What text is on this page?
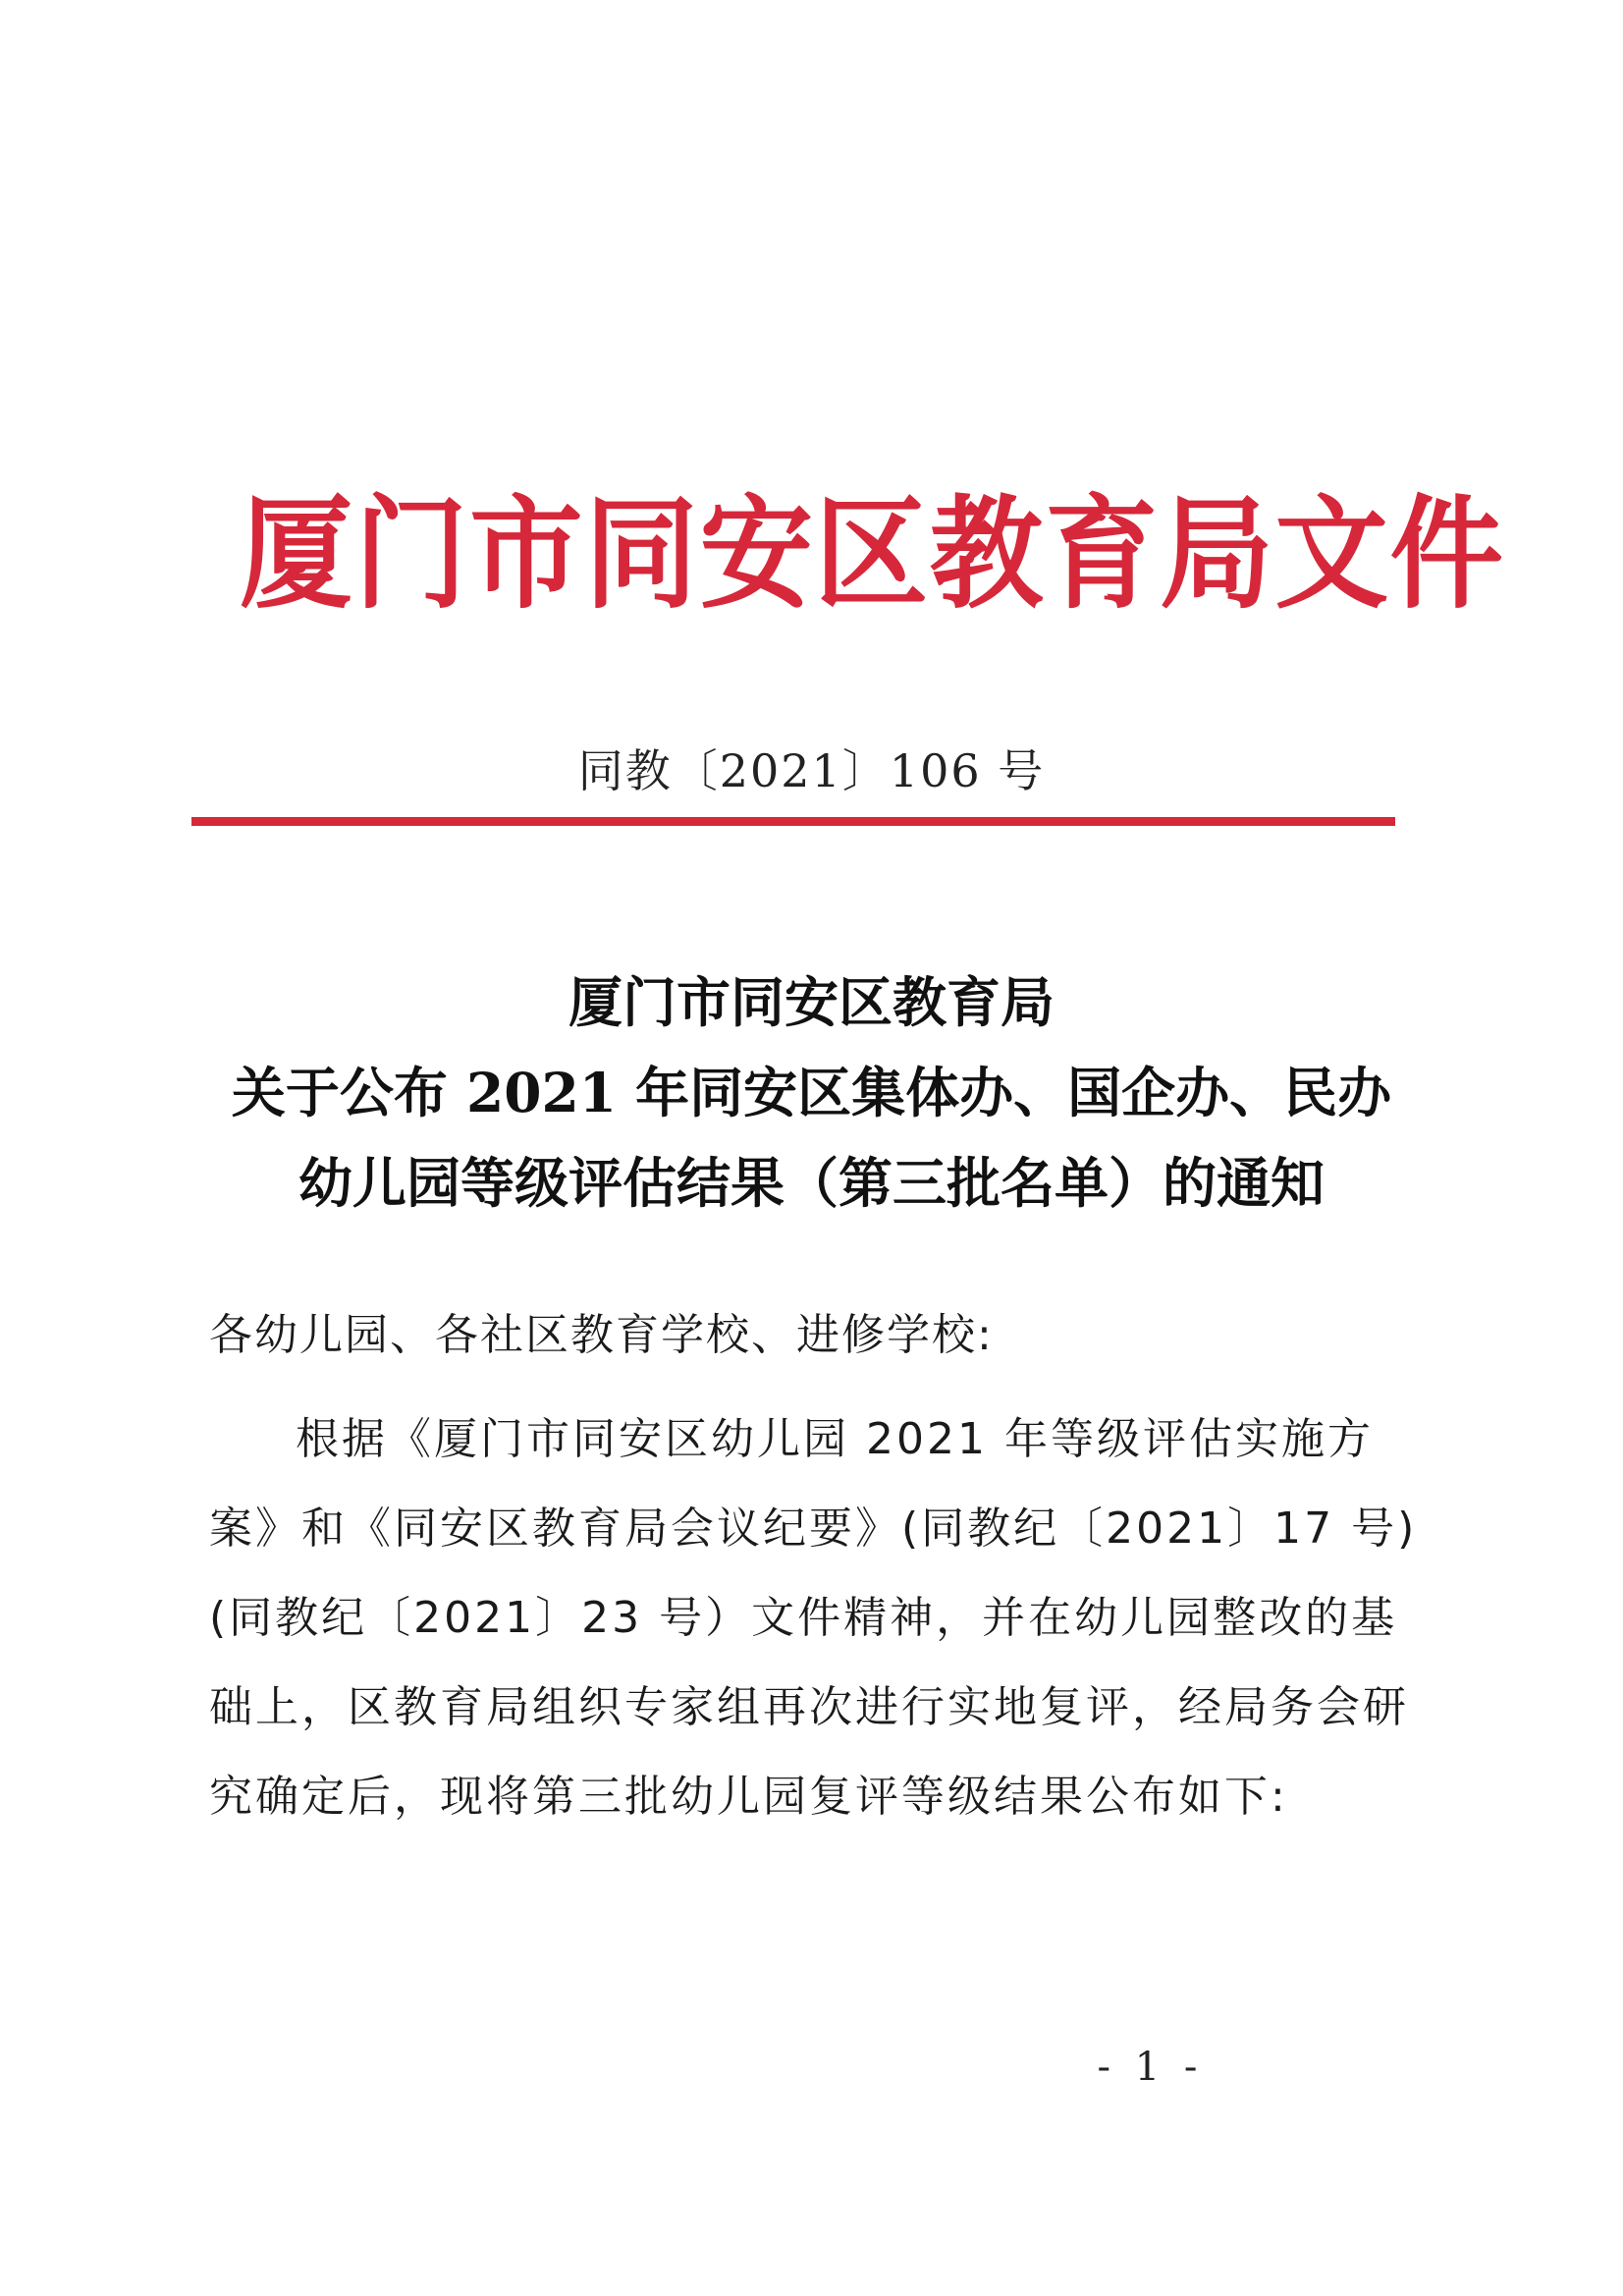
厦门市同安区教育局文件
同教〔2021〕106 号
厦门市同安区教育局
关于公布 2021 年同安区集体办、国企办、民办
幼儿园等级评估结果（第三批名单）的通知

各幼儿园、各社区教育学校、进修学校:

根据《厦门市同安区幼儿园 2021 年等级评估实施方案》和《同安区教育局会议纪要》(同教纪〔2021〕17 号)(同教纪〔2021〕23 号）文件精神，并在幼儿园整改的基础上，区教育局组织专家组再次进行实地复评，经局务会研究确定后，现将第三批幼儿园复评等级结果公布如下:

- 1 -
